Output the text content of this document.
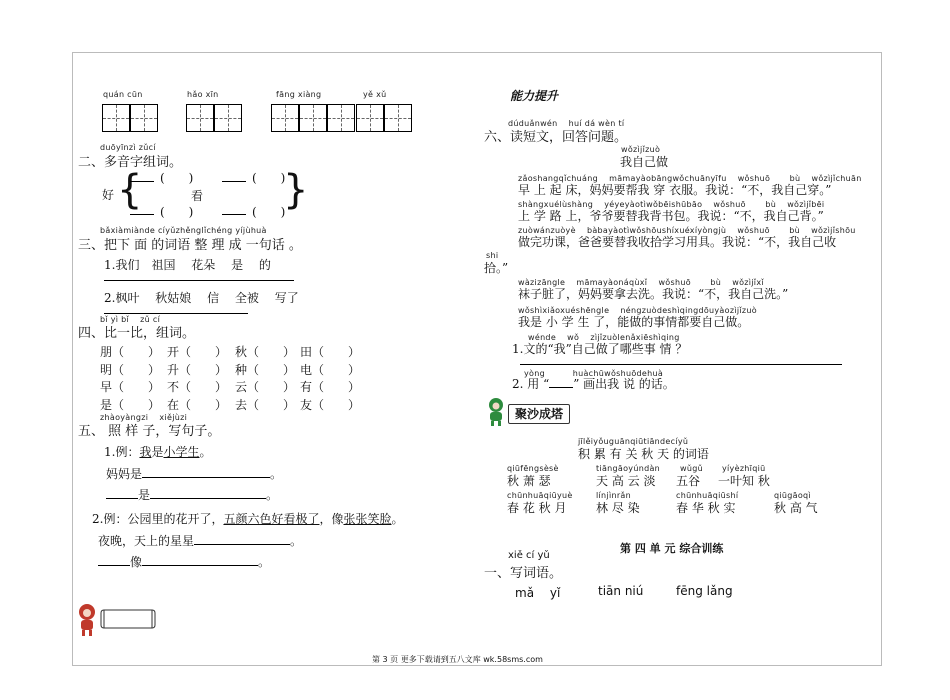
quán cūn	hǎo xīn	fāng xiàng	yě xǔ
duōyīnzì zǔcí
二、多音字组词。
好 { (　　)	(　　)
看 }
(　　)	(　　)
bǎxiàmiànde cíyǔzhěnglǐchéng yíjùhuà
三、把下 面 的词语 整 理 成 一句话 。
1.我们　祖国　 花朵　 是　 的
2.枫叶　 秋姑娘　 信　 全被　 写了
bǐ yì bǐ　 zǔ cí
四、比一比，组词。
朋（　　） 开（　　） 秋（　　） 田（　　）
明（　　） 升（　　） 种（　　） 电（　　）
早（　　） 不（　　） 云（　　） 有（　　）
是（　　） 在（　　） 去（　　） 友（　　）
zhàoyàngzi　 xiějùzi
五、 照 样 子，写句子。
1.例：我是小学生。
妈妈是	。
是	。
2.例：公园里的花开了，五颜六色好看极了，像张张笑脸。
夜晚，天上的星星	。
像	。
能力提升
dúduǎnwén　 huí dá wèn tí
六、读短文，回答问题。
wǒzìjǐzuò
我自己做
zǎoshangqǐchuáng　 māmayàobāngwǒchuānyīfu　 wǒshuō　　 bù　 wǒzìjǐchuān
早 上 起 床，妈妈要帮我 穿 衣服。我说：“不，我自己穿。”
shàngxuélùshàng　 yéyeyàotìwǒbēishūbāo　 wǒshuō　　 bù　 wǒzìjǐbēi
上 学 路 上，爷爷要替我背书包。我说：“不，我自己背。”
zuòwánzuòyè　 bàbayàotìwǒshōushíxuéxíyòngjù　 wǒshuō　　 bù　 wǒzìjǐshōu
做完功课，爸爸要替我收拾学习用具。我说：“不，我自己收
shi
拾。”
wàzizāngle　 māmayàonáqùxǐ　 wǒshuō　　 bù　 wǒzìjǐxǐ
袜子脏了，妈妈要拿去洗。我说：“不，我自己洗。”
wǒshìxiǎoxuéshēngle　 néngzuòdeshìqingdōuyàozìjǐzuò
我是 小 学 生 了，能做的事情都要自己做。
wénde　 wǒ　 zìjǐzuòlenǎxiēshìqing
1.文的“我”自己做了哪些事 情 ？
yòng　　　 huàchūwǒshuōdehuà
2. 用 “ ” 画出我 说 的话。
聚沙成塔
jīlěiyǒuguānqiūtiāndecíyǔ
积 累 有 关 秋 天 的词语
qiūfēngsèsè
秋 萧 瑟
tiāngāoyúndàn
天 高 云 淡
wǔgǔ
五谷
yíyèzhīqiū
一叶知 秋
chūnhuāqiūyuè
春 花 秋 月
línjìnrǎn
林 尽 染
chūnhuāqiūshí
春 华 秋 实
qiūgāoqì
秋 高 气
第 四 单 元 综合训练
xiě cí yǔ
一、写词语。
mǎ　 yǐ	tiān niú	fēng lǎng
第 3 页 更多下载请到五八文库 wk.58sms.com
